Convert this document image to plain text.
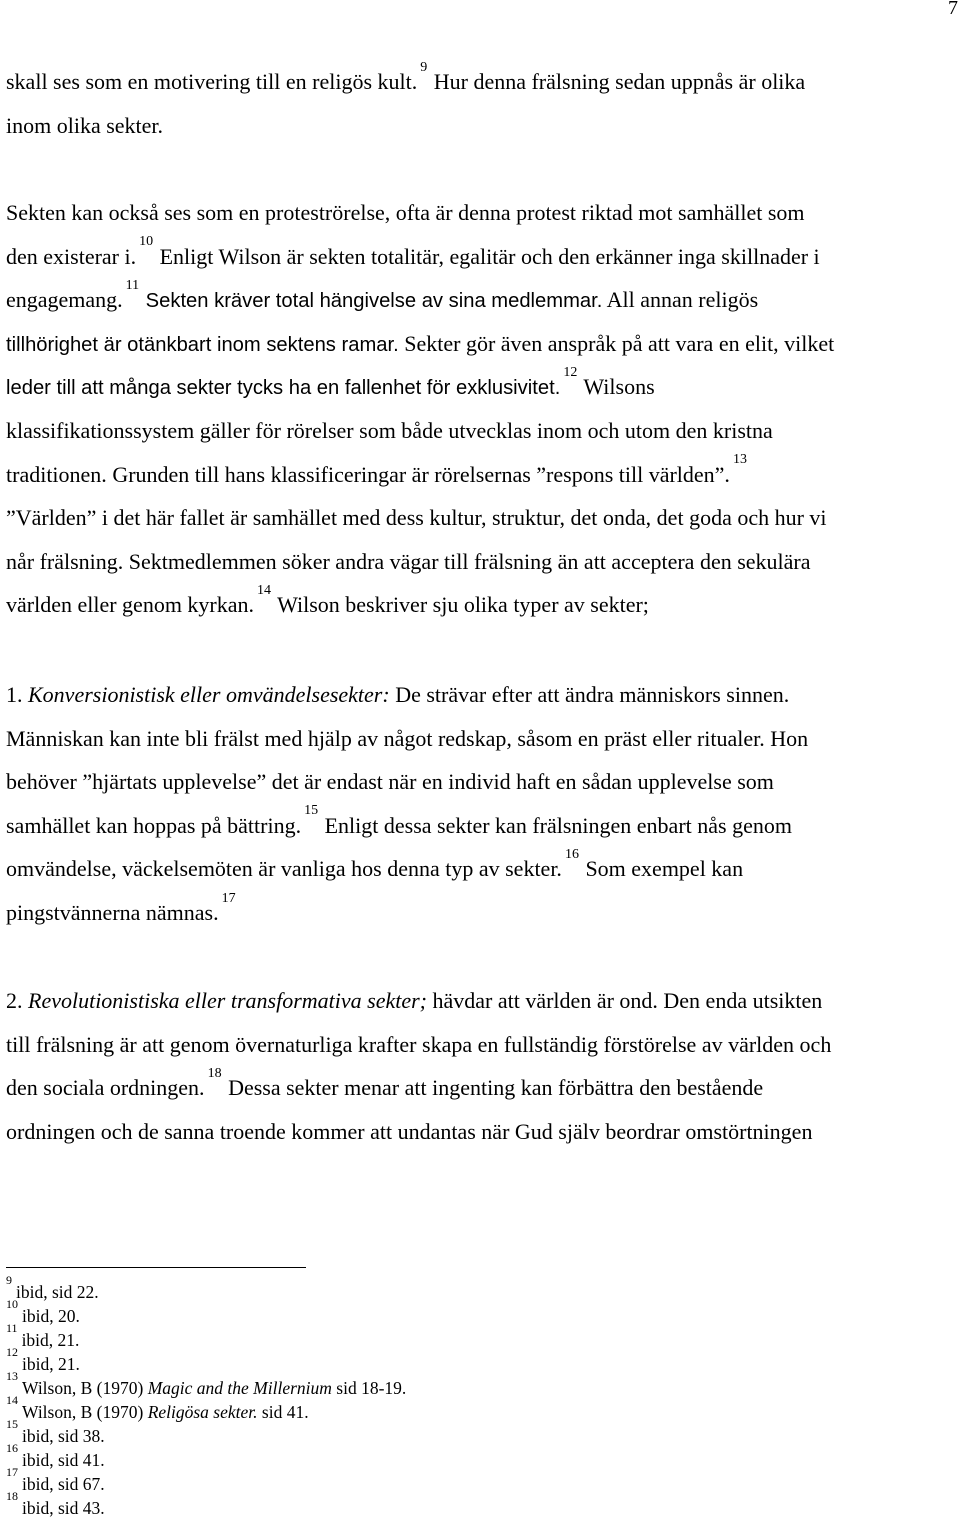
7
skall ses som en motivering till en religös kult.$^9$ Hur denna frälsning sedan uppnås är olika
inom olika sekter.
Sekten kan också ses som en proteströrelse, ofta är denna protest riktad mot samhället som
den existerar i.$^{10}$ Enligt Wilson är sekten totalitär, egalitär och den erkänner inga skillnader i
engagemang.$^{11}$ Sekten kräver total hängivelse av sina medlemmar. All annan religös
tillhörighet är otänkbart inom sektens ramar. Sekter gör även anspråk på att vara en elit, vilket
leder till att många sekter tycks ha en fallenhet för exklusivitet.$^{12}$ Wilsons
klassifikationssystem gäller för rörelser som både utvecklas inom och utom den kristna
traditionen. Grunden till hans klassificeringar är rörelsernas ”respons till världen”.$^{13}$
”Världen” i det här fallet är samhället med dess kultur, struktur, det onda, det goda och hur vi
når frälsning. Sektmedlemmen söker andra vägar till frälsning än att acceptera den sekulära
världen eller genom kyrkan.$^{14}$ Wilson beskriver sju olika typer av sekter;
1. Konversionistisk eller omvändelsesekter: De strävar efter att ändra människors sinnen.
Människan kan inte bli frälst med hjälp av något redskap, såsom en präst eller ritualer. Hon
behöver ”hjärtats upplevelse” det är endast när en individ haft en sådan upplevelse som
samhället kan hoppas på bättring.$^{15}$ Enligt dessa sekter kan frälsningen enbart nås genom
omvändelse, väckelsemöten är vanliga hos denna typ av sekter.$^{16}$ Som exempel kan
pingstvännerna nämnas.$^{17}$
2. Revolutionistiska eller transformativa sekter; hävdar att världen är ond. Den enda utsikten
till frälsning är att genom övernaturliga krafter skapa en fullständig förstörelse av världen och
den sociala ordningen.$^{18}$ Dessa sekter menar att ingenting kan förbättra den bestående
ordningen och de sanna troende kommer att undantas när Gud själv beordrar omstörtningen
$^9$ibid, sid 22.
$^{10}$ibid, 20.
$^{11}$ibid, 21.
$^{12}$ibid, 21.
$^{13}$Wilson, B (1970) Magic and the Millernium sid 18-19.
$^{14}$Wilson, B (1970) Religösa sekter. sid 41.
$^{15}$ibid, sid 38.
$^{16}$ibid, sid 41.
$^{17}$ibid, sid 67.
$^{18}$ibid, sid 43.
